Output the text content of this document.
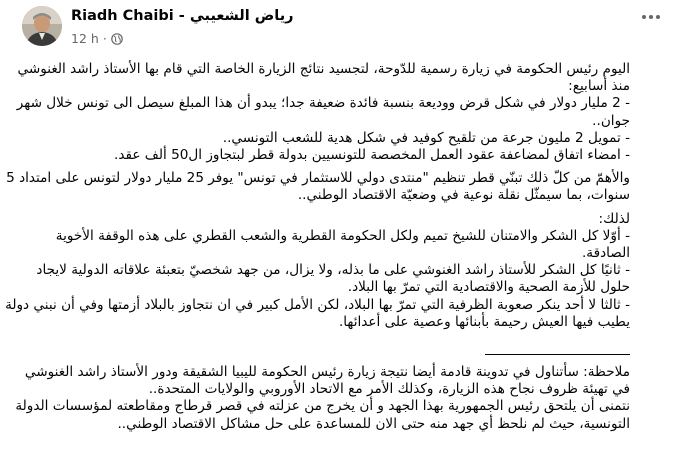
Riadh Chaibi - رياض الشعيبي
12 h ·

اليوم رئيس الحكومة في زيارة رسمية للدّوحة، لتجسيد نتائج الزيارة الخاصة التي قام بها الأستاذ راشد الغنوشي

منذ أسابيع:

- 2 مليار دولار في شكل قرض ووديعة بنسبة فائدة ضعيفة جدا؛ يبدو أن هذا المبلغ سيصل الى تونس خلال شهر

جوان..

- تمويل 2 مليون جرعة من تلقيح كوفيد في شكل هدية للشعب التونسي..

- امضاء اتفاق لمضاعفة عقود العمل المخصصة للتونسيين بدولة قطر لبتجاوز ال50 ألف عقد.

والأهمّ من كلّ ذلك تبنّي قطر تنظيم "منتدى دولي للاستثمار في تونس" يوفر 25 مليار دولار لتونس على امتداد 5

سنوات، بما سيمثّل نقلة نوعية في وضعيّة الاقتصاد الوطني..

لذلك:

- أوّلا كل الشكر والامتنان للشيخ تميم ولكل الحكومة القطرية والشعب القطري على هذه الوقفة الأخوية

الصادقة.

- ثانيًا كل الشكر للأستاذ راشد الغنوشي على ما بذله، ولا يزال، من جهد شخصيّ بتعبئة علاقاته الدولية لايجاد

حلول للأزمة الصحية والاقتصادية التي تمرّ بها البلاد.

- ثالثا لا أحد ينكر صعوبة الظرفية التي تمرّ بها البلاد، لكن الأمل كبير في ان نتجاوز بالبلاد أزمتها وفي أن نبني دولة

يطيب فيها العيش رحيمة بأبنائها وعصية على أعدائها.

ملاحظة: سأتناول في تدوينة قادمة أيضا نتيجة زيارة رئيس الحكومة لليبيا الشقيقة ودور الأستاذ راشد الغنوشي

في تهيئة ظروف نجاح هذه الزيارة، وكذلك الأمر مع الاتحاد الأوروبي والولايات المتحدة..

نتمنى أن يلتحق رئيس الجمهورية بهذا الجهد و أن يخرج من عزلته في قصر قرطاج ومقاطعته لمؤسسات الدولة

التونسية، حيث لم نلحظ أي جهد منه حتى الان للمساعدة على حل مشاكل الاقتصاد الوطني..
